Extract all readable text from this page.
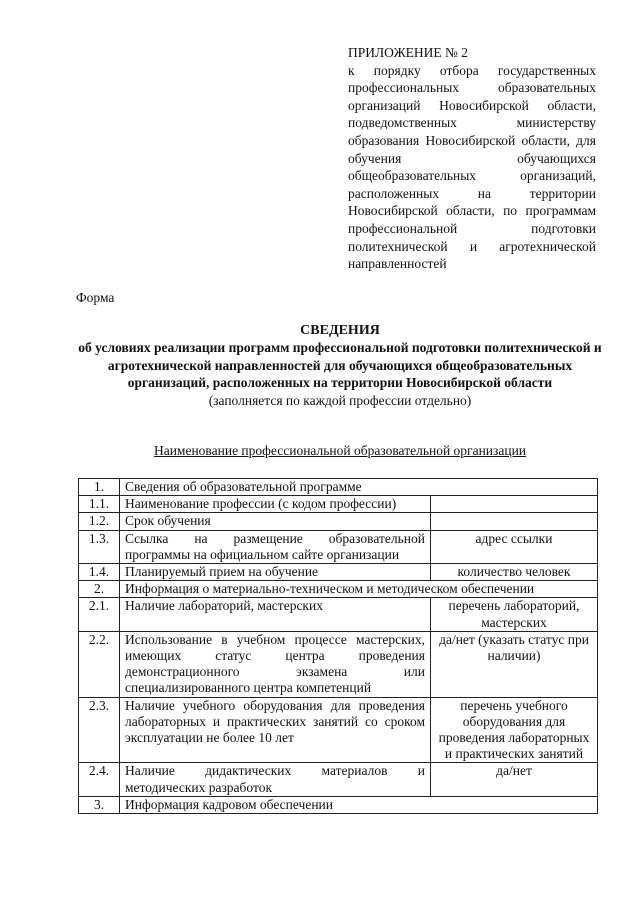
ПРИЛОЖЕНИЕ № 2
к порядку отбора государственных профессиональных образовательных организаций Новосибирской области, подведомственных министерству образования Новосибирской области, для обучения обучающихся общеобразовательных организаций, расположенных на территории Новосибирской области, по программам профессиональной подготовки политехнической и агротехнической направленностей
Форма
СВЕДЕНИЯ
об условиях реализации программ профессиональной подготовки политехнической и агротехнической направленностей для обучающихся общеобразовательных организаций, расположенных на территории Новосибирской области
(заполняется по каждой профессии отдельно)
Наименование профессиональной образовательной организации
1.	Сведения об образовательной программе	
1.1.	Наименование профессии (с кодом профессии)	
1.2.	Срок обучения	
1.3.	Ссылка на размещение образовательной программы на официальном сайте организации	адрес ссылки
1.4.	Планируемый прием на обучение	количество человек
2.	Информация о материально-техническом и методическом обеспечении	
2.1.	Наличие лабораторий, мастерских	перечень лабораторий, мастерских
2.2.	Использование в учебном процессе мастерских, имеющих статус центра проведения демонстрационного экзамена или специализированного центра компетенций	да/нет (указать статус при наличии)
2.3.	Наличие учебного оборудования для проведения лабораторных и практических занятий со сроком эксплуатации не более 10 лет	перечень учебного оборудования для проведения лабораторных и практических занятий
2.4.	Наличие дидактических материалов и методических разработок	да/нет
3.	Информация кадровом обеспечении	
